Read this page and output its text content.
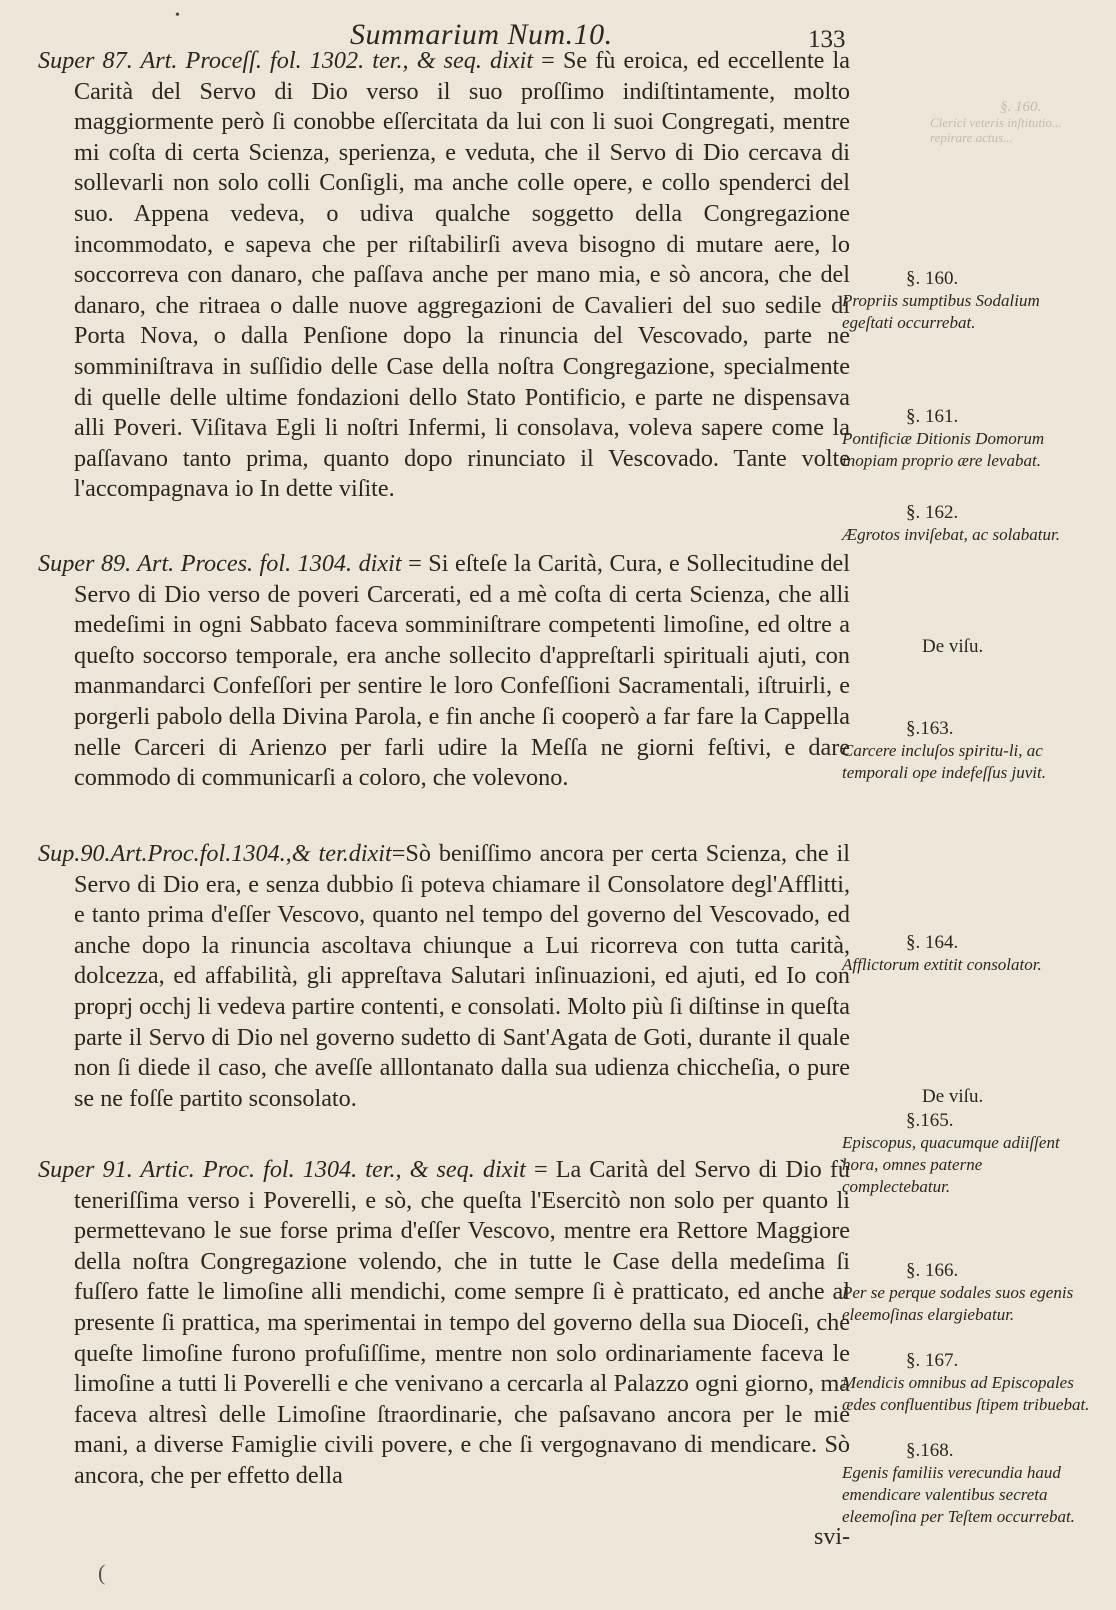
•
§. 160.
Clerici veteris inſtitutio... repirare actus...
Summarium Num.10.	133

Super 87. Art. Proceſſ. fol. 1302. ter., & seq. dixit = Se fù eroica, ed eccellente la Carità del Servo di Dio verso il suo proſſimo indiſtintamente, molto maggiormente però ſi conobbe eſſercitata da lui con li suoi Congregati, mentre mi coſta di certa Scienza, sperienza, e veduta, che il Servo di Dio cercava di sollevarli non solo colli Conſigli, ma anche colle opere, e collo spenderci del suo. Appena vedeva, o udiva qualche soggetto della Congregazione incommodato, e sapeva che per riſtabilirſi aveva bisogno di mutare aere, lo soccorreva con danaro, che paſſava anche per mano mia, e sò ancora, che del danaro, che ritraea o dalle nuove aggregazioni de Cavalieri del suo sedile di Porta Nova, o dalla Penſione dopo la rinuncia del Vescovado, parte ne somminiſtrava in suſſidio delle Case della noſtra Congregazione, specialmente di quelle delle ultime fondazioni dello Stato Pontificio, e parte ne dispensava alli Poveri. Viſitava Egli li noſtri Infermi, li consolava, voleva sapere come la paſſavano tanto prima, quanto dopo rinunciato il Vescovado. Tante volte l'accompagnava io In dette viſite.

Super 89. Art. Proces. fol. 1304. dixit = Si eſteſe la Carità, Cura, e Sollecitudine del Servo di Dio verso de poveri Carcerati, ed a mè coſta di certa Scienza, che alli medeſimi in ogni Sabbato faceva somminiſtrare competenti limoſine, ed oltre a queſto soccorso temporale, era anche sollecito d'appreſtarli spirituali ajuti, con manmandarci Confeſſori per sentire le loro Confeſſioni Sacramentali, iſtruirli, e porgerli pabolo della Divina Parola, e fin anche ſi cooperò a far fare la Cappella nelle Carceri di Arienzo per farli udire la Meſſa ne giorni feſtivi, e dare commodo di communicarſi a coloro, che volevono.

Sup.90.Art.Proc.fol.1304.,& ter.dixit=Sò beniſſimo ancora per certa Scienza, che il Servo di Dio era, e senza dubbio ſi poteva chiamare il Consolatore degl'Afflitti, e tanto prima d'eſſer Vescovo, quanto nel tempo del governo del Vescovado, ed anche dopo la rinuncia ascoltava chiunque a Lui ricorreva con tutta carità, dolcezza, ed affabilità, gli appreſtava Salutari inſinuazioni, ed ajuti, ed Io con proprj occhj li vedeva partire contenti, e consolati. Molto più ſi diſtinse in queſta parte il Servo di Dio nel governo sudetto di Sant'Agata de Goti, durante il quale non ſi diede il caso, che aveſſe alllontanato dalla sua udienza chiccheſia, o pure se ne foſſe partito sconsolato.

Super 91. Artic. Proc. fol. 1304. ter., & seq. dixit = La Carità del Servo di Dio fù teneriſſima verso i Poverelli, e sò, che queſta l'Esercitò non solo per quanto li permettevano le sue forse prima d'eſſer Vescovo, mentre era Rettore Maggiore della noſtra Congregazione volendo, che in tutte le Case della medeſima ſi fuſſero fatte le limoſine alli mendichi, come sempre ſi è pratticato, ed anche al presente ſi prattica, ma sperimentai in tempo del governo della sua Dioceſi, che queſte limoſine furono profuſiſſime, mentre non solo ordinariamente faceva le limoſine a tutti li Poverelli e che venivano a cercarla al Palazzo ogni giorno, ma faceva altresì delle Limoſine ſtraordinarie, che paſsavano ancora per le mie mani, a diverse Famiglie civili povere, e che ſi vergognavano di mendicare. Sò ancora, che per effetto della

svi-
§. 160.
Propriis sumptibus Sodalium egeſtati occurrebat.
§. 161.
Pontificiæ Ditionis Domorum inopiam proprio ære levabat.
§. 162.
Ægrotos inviſebat, ac solabatur.
De viſu.
§.163.
Carcere incluſos spiritu-li, ac temporali ope indefeſſus juvit.
§. 164.
Afflictorum extitit consolator.
De viſu.
§.165.
Episcopus, quacumque adiiſſent hora, omnes paterne complectebatur.
§. 166.
Per se perque sodales suos egenis eleemoſinas elargiebatur.
§. 167.
Mendicis omnibus ad Episcopales ædes confluentibus ſtipem tribuebat.
§.168.
Egenis familiis verecundia haud emendicare valentibus secreta eleemoſina per Teſtem occurrebat.
(
